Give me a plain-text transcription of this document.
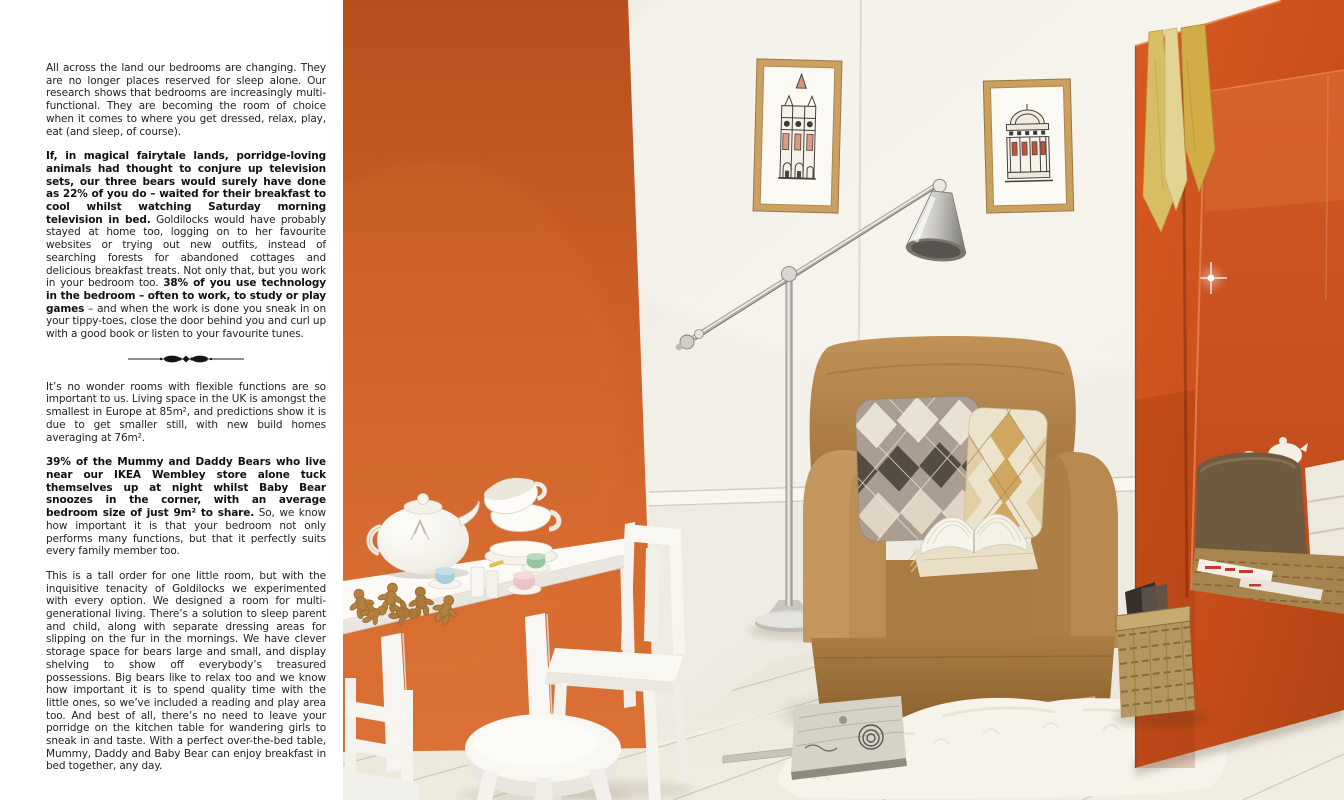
All across the land our bedrooms are changing. They are no longer places reserved for sleep alone. Our research shows that bedrooms are increasingly multi-functional. They are becoming the room of choice when it comes to where you get dressed, relax, play, eat (and sleep, of course).

If, in magical fairytale lands, porridge-loving animals had thought to conjure up television sets, our three bears would surely have done as 22% of you do – waited for their breakfast to cool whilst watching Saturday morning television in bed. Goldilocks would have probably stayed at home too, logging on to her favourite websites or trying out new outfits, instead of searching forests for abandoned cottages and delicious breakfast treats. Not only that, but you work in your bedroom too. 38% of you use technology in the bedroom – often to work, to study or play games – and when the work is done you sneak in on your tippy-toes, close the door behind you and curl up with a good book or listen to your favourite tunes.

It’s no wonder rooms with flexible functions are so important to us. Living space in the UK is amongst the smallest in Europe at 85m², and predictions show it is due to get smaller still, with new build homes averaging at 76m².

39% of the Mummy and Daddy Bears who live near our IKEA Wembley store alone tuck themselves up at night whilst Baby Bear snoozes in the corner, with an average bedroom size of just 9m² to share. So, we know how important it is that your bedroom not only performs many functions, but that it perfectly suits every family member too.

This is a tall order for one little room, but with the inquisitive tenacity of Goldilocks we experimented with every option. We designed a room for multi-generational living. There’s a solution to sleep parent and child, along with separate dressing areas for slipping on the fur in the mornings. We have clever storage space for bears large and small, and display shelving to show off everybody’s treasured possessions. Big bears like to relax too and we know how important it is to spend quality time with the little ones, so we’ve included a reading and play area too. And best of all, there’s no need to leave your porridge on the kitchen table for wandering girls to sneak in and taste. With a perfect over-the-bed table, Mummy, Daddy and Baby Bear can enjoy breakfast in bed together, any day.
